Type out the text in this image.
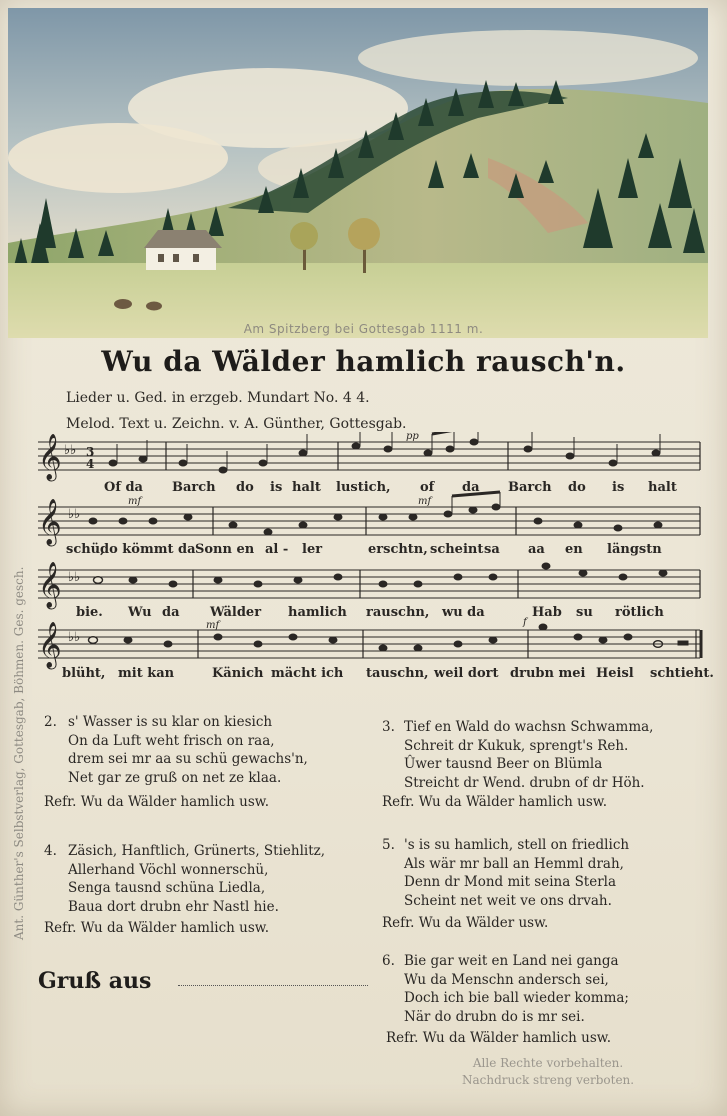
Am Spitzberg bei Gottesgab 1111 m.
Wu da Wälder hamlich rausch'n.
Lieder u. Ged. in erzgeb. Mundart No. 4 4.
Melod. Text u. Zeichn. v. A. Günther, Gottesgab.
𝄞
𝄞
𝄞
𝄞
♭♭
♭♭
♭♭
♭♭
3
4
pp
mf	mf
mf	f
Of da Barch do is halt lustich, of da Barch do is halt
schü,
do kömmt da Sonn en al - ler	erschtn, scheint sa aa en längstn
bie. Wu da Wälder hamlich rauschn, wu da	Hab su rötlich
blüht, mit kan	Känich mächt ich tauschn, weil dort drubn mei Heisl schtieht.
2. s' Wasser is su klar on kiesich
On da Luft weht frisch on raa,
drem sei mr aa su schü gewachs'n,
Net gar ze gruß on net ze klaa.
Refr. Wu da Wälder hamlich usw.
3. Tief en Wald do wachsn Schwamma,
Schreit dr Kukuk, sprengt's Reh.
Ûwer tausnd Beer on Blümla
Streicht dr Wend. drubn of dr Höh.
Refr. Wu da Wälder hamlich usw.
4. Zäsich, Hanftlich, Grünerts, Stiehlitz,
Allerhand Vöchl wonnerschü,
Senga tausnd schüna Liedla,
Baua dort drubn ehr Nastl hie.
Refr. Wu da Wälder hamlich usw.
5. 's is su hamlich, stell on friedlich
Als wär mr ball an Hemml drah,
Denn dr Mond mit seina Sterla
Scheint net weit ve ons drvah.
Refr. Wu da Wälder usw.
6. Bie gar weit en Land nei ganga
Wu da Menschn andersch sei,
Doch ich bie ball wieder komma;
När do drubn do is mr sei.
Refr. Wu da Wälder hamlich usw.
Ant. Günther's Selbstverlag, Gottesgab, Böhmen. Ges. gesch.
Gruß aus
Alle Rechte vorbehalten.
Nachdruck streng verboten.
